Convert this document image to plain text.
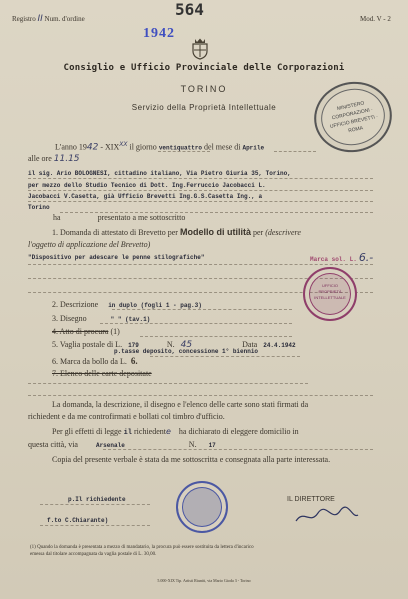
Registro II Num. d'ordine	564
1942
Mod. V - 2
Consiglio e Ufficio Provinciale delle Corporazioni
TORINO
Servizio della Proprietà Intellettuale	MINISTERO CORPORAZIONI · UFFICIO BREVETTI · ROMA
L'anno $1942 - XIX^{XX}$ il giorno ventiquattro del mese di Aprile
alle ore 11.15
il sig. Ario BOLOGNESI, cittadino italiano, Via Pietro Giuria 35, Torino,
per mezzo dello Studio Tecnico di Dott. Ing.Ferruccio Jacobacci L.
Jacobacci V.Casetta, già Ufficio Brevetti Ing.G.S.Casetta Ing., a
Torino
ha	presentato a me sottoscritto
1. Domanda di attestato di Brevetto per Modello di utilità per (descrivere
l'oggetto di applicazione del Brevetto)
"Dispositivo per adescare le penne stilografiche"	Marca sol. L. 6.-
UFFICIO PROPRIETÀ INTELLETTUALE
2. Descrizione in duplo (fogli 1 - pag.3)
3. Disegno	" " (tav.1)
4. Atto di procura (1)
5. Vaglia postale di L. 179	N. 45	Data 24.4.1942
p.tasse deposito, concessione 1° biennio
6. Marca da bollo da L. 6.
7. Elenco delle carte depositate
La domanda, la descrizione, il disegno e l'elenco delle carte sono stati firmati da
richiedent e da me controfirmati e bollati col timbro d'ufficio.
Per gli effetti di legge il richiedente ha dichiarato di eleggere domicilio in
questa città, via	Arsenale	N. 17
Copia del presente verbale è stata da me sottoscritta e consegnata alla parte interessata.
p.Il richiedente
f.to C.Chiarante)
IL DIRETTORE
(1) Quando la domanda è presentata a mezzo di mandatario, la procura può essere sostituita da lettera d'incarico
emessa dal titolare accompagnata da vaglia postale di L. 30,00.
5.000-XIX Tip. Artisti Riuniti, via Mario Gioda 3 - Torino
